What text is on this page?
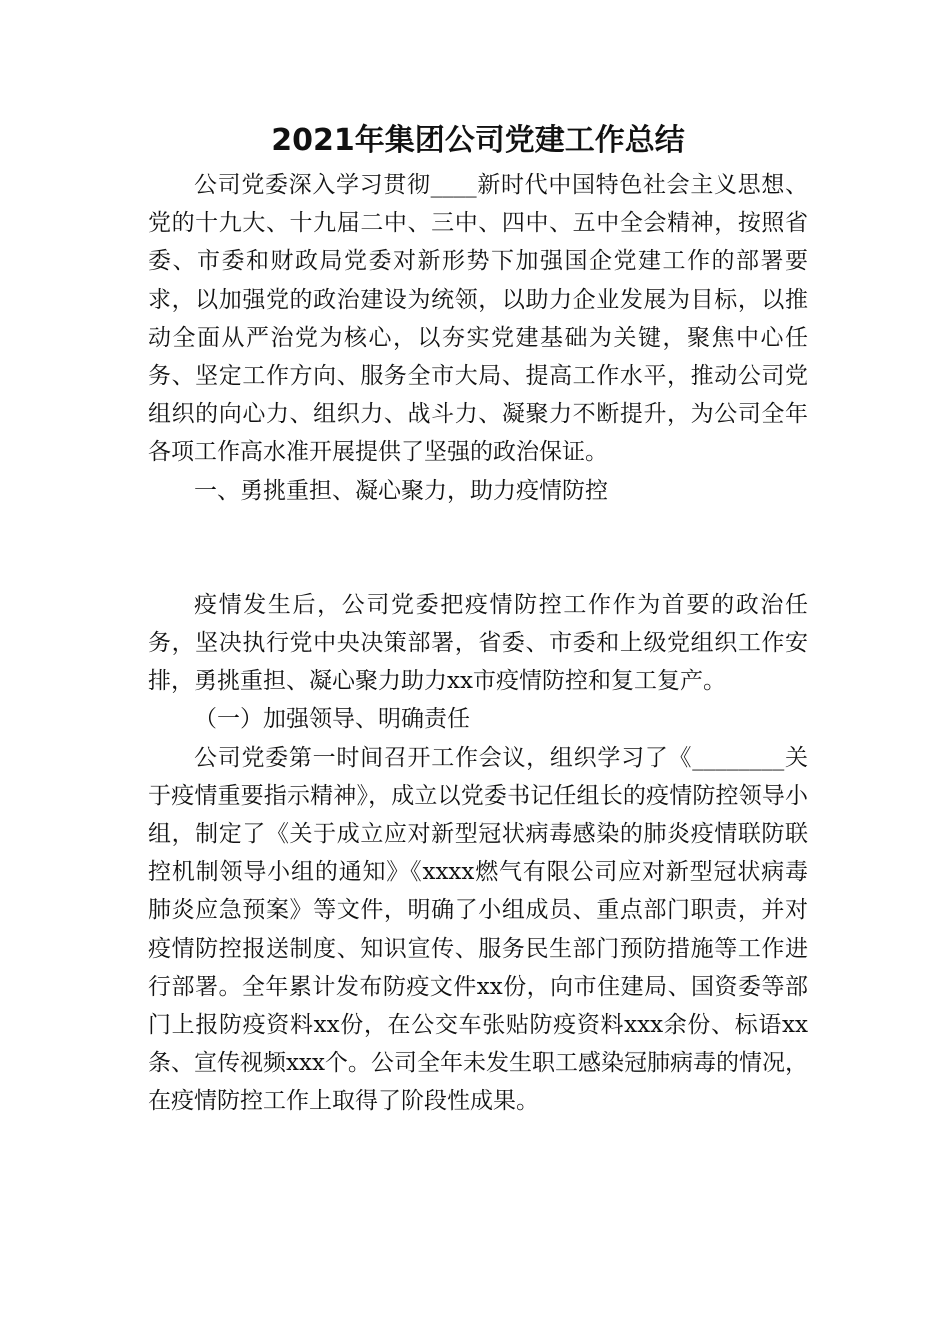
2021年集团公司党建工作总结

公司党委深入学习贯彻____新时代中国特色社会主义思想、党的十九大、十九届二中、三中、四中、五中全会精神，按照省委、市委和财政局党委对新形势下加强国企党建工作的部署要求，以加强党的政治建设为统领，以助力企业发展为目标，以推动全面从严治党为核心，以夯实党建基础为关键，聚焦中心任务、坚定工作方向、服务全市大局、提高工作水平，推动公司党组织的向心力、组织力、战斗力、凝聚力不断提升，为公司全年各项工作高水准开展提供了坚强的政治保证。

一、勇挑重担、凝心聚力，助力疫情防控

疫情发生后，公司党委把疫情防控工作作为首要的政治任务，坚决执行党中央决策部署，省委、市委和上级党组织工作安排，勇挑重担、凝心聚力助力xx市疫情防控和复工复产。

（一）加强领导、明确责任

公司党委第一时间召开工作会议，组织学习了《________关于疫情重要指示精神》，成立以党委书记任组长的疫情防控领导小组，制定了《关于成立应对新型冠状病毒感染的肺炎疫情联防联控机制领导小组的通知》《xxxx燃气有限公司应对新型冠状病毒肺炎应急预案》等文件，明确了小组成员、重点部门职责，并对疫情防控报送制度、知识宣传、服务民生部门预防措施等工作进行部署。全年累计发布防疫文件xx份，向市住建局、国资委等部门上报防疫资料xx份，在公交车张贴防疫资料xxx余份、标语xx条、宣传视频xxx个。公司全年未发生职工感染冠肺病毒的情况，在疫情防控工作上取得了阶段性成果。
